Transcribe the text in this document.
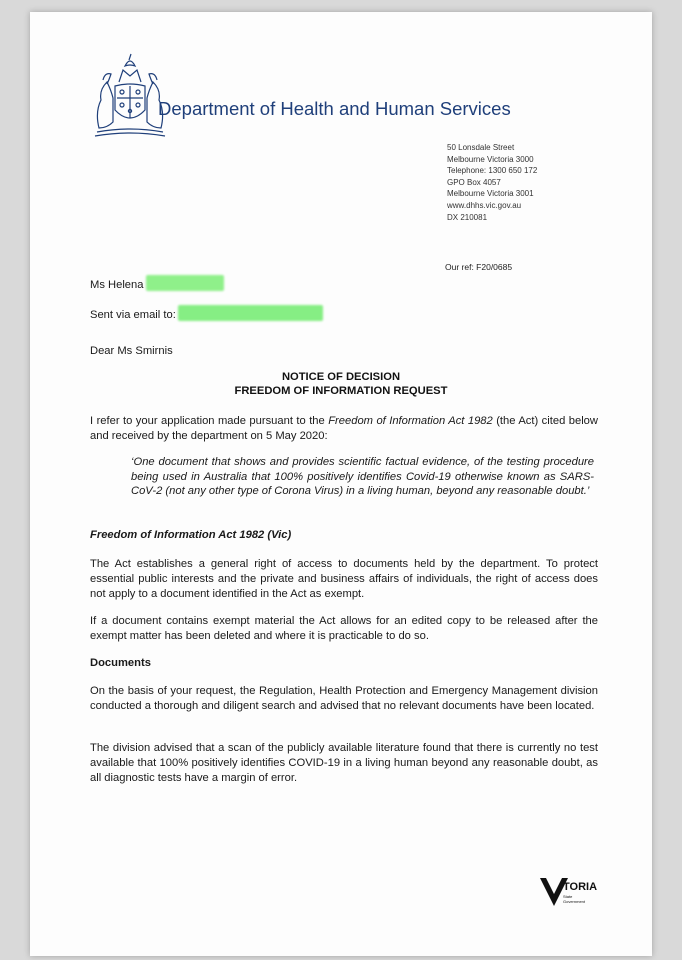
Department of Health and Human Services
50 Lonsdale Street
Melbourne Victoria 3000
Telephone: 1300 650 172
GPO Box 4057
Melbourne Victoria 3001
www.dhhs.vic.gov.au
DX 210081
Our ref: F20/0685
Ms Helena
Sent via email to:
Dear Ms Smirnis
NOTICE OF DECISION
FREEDOM OF INFORMATION REQUEST
I refer to your application made pursuant to the Freedom of Information Act 1982 (the Act) cited below and received by the department on 5 May 2020:
‘One document that shows and provides scientific factual evidence, of the testing procedure being used in Australia that 100% positively identifies Covid-19 otherwise known as SARS-CoV-2 (not any other type of Corona Virus) in a living human, beyond any reasonable doubt.’
Freedom of Information Act 1982 (Vic)
The Act establishes a general right of access to documents held by the department. To protect essential public interests and the private and business affairs of individuals, the right of access does not apply to a document identified in the Act as exempt.
If a document contains exempt material the Act allows for an edited copy to be released after the exempt matter has been deleted and where it is practicable to do so.
Documents
On the basis of your request, the Regulation, Health Protection and Emergency Management division conducted a thorough and diligent search and advised that no relevant documents have been located.
The division advised that a scan of the publicly available literature found that there is currently no test available that 100% positively identifies COVID-19 in a living human beyond any reasonable doubt, as all diagnostic tests have a margin of error.
TORIA
State
Government
